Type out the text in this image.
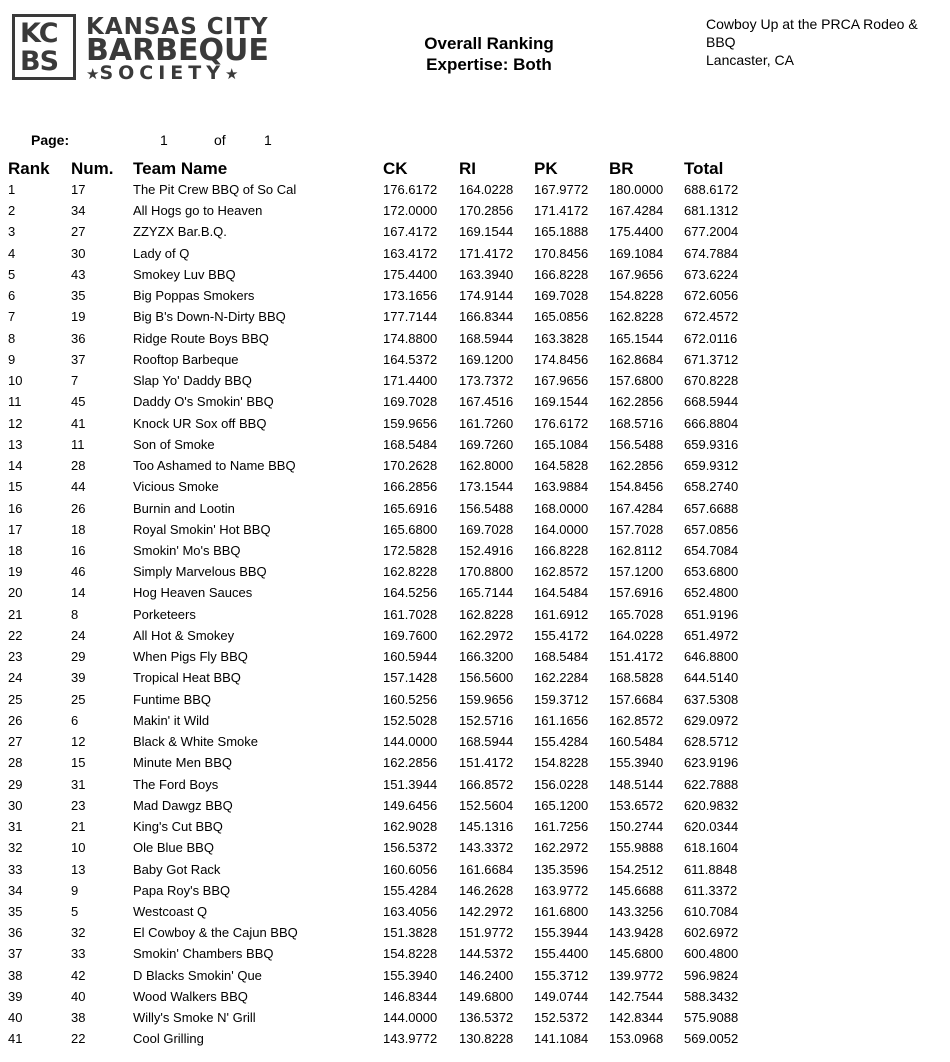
KC
BS
KANSAS CITY
BARBEQUE
★SOCIETY★
Overall Ranking
Expertise: Both
Cowboy Up at the PRCA Rodeo & BBQ
Lancaster, CA
Page:	1	of	1
Rank Num. Team Name	CK	RI	PK	BR	Total
1	17	The Pit Crew BBQ of So Cal	176.6172 164.0228 167.9772 180.0000 688.6172
2	34	All Hogs go to Heaven	172.0000 170.2856 171.4172 167.4284 681.1312
3	27	ZZYZX Bar.B.Q.	167.4172 169.1544 165.1888 175.4400 677.2004
4	30	Lady of Q	163.4172 171.4172 170.8456 169.1084 674.7884
5	43	Smokey Luv BBQ	175.4400 163.3940 166.8228 167.9656 673.6224
6	35	Big Poppas Smokers	173.1656 174.9144 169.7028 154.8228 672.6056
7	19	Big B's Down-N-Dirty BBQ	177.7144 166.8344 165.0856 162.8228 672.4572
8	36	Ridge Route Boys BBQ	174.8800 168.5944 163.3828 165.1544 672.0116
9	37	Rooftop Barbeque	164.5372 169.1200 174.8456 162.8684 671.3712
10	7	Slap Yo' Daddy BBQ	171.4400 173.7372 167.9656 157.6800 670.8228
11	45	Daddy O's Smokin' BBQ	169.7028 167.4516 169.1544 162.2856 668.5944
12	41	Knock UR Sox off BBQ	159.9656 161.7260 176.6172 168.5716 666.8804
13	11	Son of Smoke	168.5484 169.7260 165.1084 156.5488 659.9316
14	28	Too Ashamed to Name BBQ	170.2628 162.8000 164.5828 162.2856 659.9312
15	44	Vicious Smoke	166.2856 173.1544 163.9884 154.8456 658.2740
16	26	Burnin and Lootin	165.6916 156.5488 168.0000 167.4284 657.6688
17	18	Royal Smokin' Hot BBQ	165.6800 169.7028 164.0000 157.7028 657.0856
18	16	Smokin' Mo's BBQ	172.5828 152.4916 166.8228 162.8112 654.7084
19	46	Simply Marvelous BBQ	162.8228 170.8800 162.8572 157.1200 653.6800
20	14	Hog Heaven Sauces	164.5256 165.7144 164.5484 157.6916 652.4800
21	8	Porketeers	161.7028 162.8228 161.6912 165.7028 651.9196
22	24	All Hot & Smokey	169.7600 162.2972 155.4172 164.0228 651.4972
23	29	When Pigs Fly BBQ	160.5944 166.3200 168.5484 151.4172 646.8800
24	39	Tropical Heat BBQ	157.1428 156.5600 162.2284 168.5828 644.5140
25	25	Funtime BBQ	160.5256 159.9656 159.3712 157.6684 637.5308
26	6	Makin' it Wild	152.5028 152.5716 161.1656 162.8572 629.0972
27	12	Black & White Smoke	144.0000 168.5944 155.4284 160.5484 628.5712
28	15	Minute Men BBQ	162.2856 151.4172 154.8228 155.3940 623.9196
29	31	The Ford Boys	151.3944 166.8572 156.0228 148.5144 622.7888
30	23	Mad Dawgz BBQ	149.6456 152.5604 165.1200 153.6572 620.9832
31	21	King's Cut BBQ	162.9028 145.1316 161.7256 150.2744 620.0344
32	10	Ole Blue BBQ	156.5372 143.3372 162.2972 155.9888 618.1604
33	13	Baby Got Rack	160.6056 161.6684 135.3596 154.2512 611.8848
34	9	Papa Roy's BBQ	155.4284 146.2628 163.9772 145.6688 611.3372
35	5	Westcoast Q	163.4056 142.2972 161.6800 143.3256 610.7084
36	32	El Cowboy & the Cajun BBQ	151.3828 151.9772 155.3944 143.9428 602.6972
37	33	Smokin' Chambers BBQ	154.8228 144.5372 155.4400 145.6800 600.4800
38	42	D Blacks Smokin' Que	155.3940 146.2400 155.3712 139.9772 596.9824
39	40	Wood Walkers BBQ	146.8344 149.6800 149.0744 142.7544 588.3432
40	38	Willy's Smoke N' Grill	144.0000 136.5372 152.5372 142.8344 575.9088
41	22	Cool Grilling	143.9772 130.8228 141.1084 153.0968 569.0052
